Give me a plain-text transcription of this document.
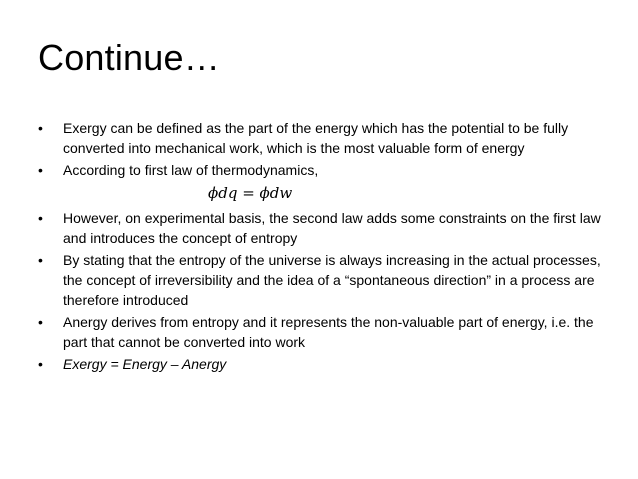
Continue…
•	Exergy can be defined as the part of the energy which has the potential to be fully converted into mechanical work, which is the most valuable form of energy
•	According to first law of thermodynamics,
ϕdq = ϕdw
•	However, on experimental basis, the second law adds some constraints on the first law and introduces the concept of entropy
•	By stating that the entropy of the universe is always increasing in the actual processes, the concept of irreversibility and the idea of a “spontaneous direction” in a process are therefore introduced
•	Anergy derives from entropy and it represents the non-valuable part of energy, i.e. the part that cannot be converted into work
•	Exergy = Energy – Anergy
